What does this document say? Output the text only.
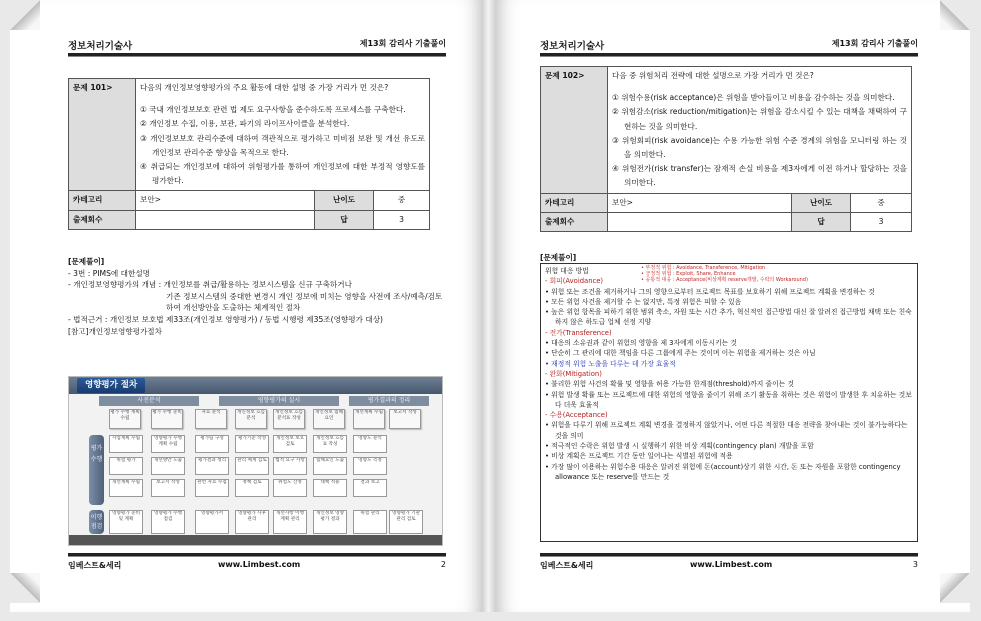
정보처리기술사	제13회 감리사 기출풀이
문제 101>	다음의 개인정보영향평가의 주요 활동에 대한 설명 중 가장 거리가 먼 것은?
① 국내 개인정보보호 관련 법 제도 요구사항을 준수하도록 프로세스를 구축한다.
② 개인정보 수집, 이용, 보관, 파기의 라이프사이클을 분석한다.
③ 개인정보보호 관리수준에 대하여 객관적으로 평가하고 미비점 보완 및 개선 유도로 개인정보 관리수준 향상을 목적으로 한다.
④ 취급되는 개인정보에 대하여 위험평가를 통하여 개인정보에 대한 부정적 영향도를 평가한다.		

카테고리	보안>	난이도	중
출제회수		답	3
[문제풀이]
- 3번 : PIMS에 대한설명
- 개인정보영향평가의 개념 : 개인정보를 취급/활용하는 정보시스템을 신규 구축하거나
기존 정보시스템의 중대한 변경시 개인 정보에 미치는 영향을 사전에 조사/예측/검토하여 개선방안을 도출하는 체계적인 절차
- 법적근거 : 개인정보 보호법 제33조(개인정보 영향평가) / 동법 시행령 제35조(영향평가 대상)
[참고]개인정보영향평가절차
영향평가 절차
사전분석	영향평가의 실시	평가결과의 정리
평가 수행
이행 점검
평가 수행 계획 수립
평가 수행 준비	자료 분석	개인정보 흐름 분석
개인정보 흐름 분석표 작성
개인정보 침해 요인
개선계획 수립	보고서 작성
사업계획 수립	영향평가 수행계획 수립
평가팀 구성	평가기준 작성	개인정보 보호 검토
개인정보 흐름 표 작성
영향도 분석
위험 평가	개선방안 도출	평가결과 정리	관리 체계 검토	법적 요구 사항	침해요인 도출	영향도 측정
개선계획 수립	보고서 작성	관련 자료 수집	정책 검토	위험도 산정	대책 적용	결과 보고
영향평가 준비 및 계획
영향평가 수행 점검
영향평가서	영향평가 사후 관리
개선사항 이행계획 관리
개인정보 영향평가 결과
위험 관리	영향평가 기관 관리 검토
임베스트&세리	www.Limbest.com	2
정보처리기술사	제13회 감리사 기출풀이
문제 102>	다음 중 위험처리 전략에 대한 설명으로 가장 거리가 먼 것은?
① 위험수용(risk acceptance)은 위험을 받아들이고 비용을 감수하는 것을 의미한다.
② 위험감소(risk reduction/mitigation)는 위험을 감소시킬 수 있는 대책을 채택하여 구현하는 것을 의미한다.
③ 위험회피(risk avoidance)는 수용 가능한 위험 수준 경계의 위험을 모니터링 하는 것을 의미한다.
④ 위험전가(risk transfer)는 잠재적 손실 비용을 제3자에게 이전 하거나 할당하는 것을 의미한다.		

카테고리	보안>	난이도	중
출제회수		답	3
[문제풀이]
• 부정적 위험 : Avoidance, Transference, Mitigation
• 긍정적 위험 : Exploit, Share, Enhance
• 공통적 대응 : Acceptance(비상계획 reserve개발, 수락의 Workaround)
위험 대응 방법
- 회피(Avoidance)
• 위험 또는 조건을 제거하거나 그의 영향으로부터 프로젝트 목표를 보호하기 위해 프로젝트 계획을 변경하는 것
• 모든 위험 사건을 제거할 수 는 없지만, 특정 위험은 피할 수 있음
• 높은 위험 항목을 피하기 위한 범위 축소, 자원 또는 시간 추가, 혁신적인 접근방법 대신 잘 알려진 접근방법 채택 또는 친숙하지 않은 하도급 업체 선정 지양
- 전가(Transference)
• 대응의 소유권과 같이 위험의 영향을 제 3자에게 이동시키는 것
• 단순히 그 관리에 대한 책임을 다른 그룹에게 주는 것이며 이는 위험을 제거하는 것은 아님
• 재정적 위험 노출을 다루는 데 가장 효율적
- 완화(Mitigation)
• 불리한 위험 사건의 확률 및 영향을 허용 가능한 한계점(threshold)까지 줄이는 것
• 위험 발생 확률 또는 프로젝트에 대한 위험의 영향을 줄이기 위해 조기 활동을 취하는 것은 위험이 발생한 후 치유하는 것보다 더욱 효율적
- 수용(Acceptance)
• 위험을 다루기 위해 프로젝트 계획 변경을 결정하지 않았거나, 어떤 다른 적절한 대응 전략을 찾아내는 것이 불가능하다는 것을 의미
• 적극적인 수락은 위험 발생 시 실행하기 위한 비상 계획(contingency plan) 개발을 포함
• 비상 계획은 프로젝트 기간 동안 일어나는 식별된 위험에 적용
• 가장 많이 이용하는 위험수용 대응은 알려진 위험에 돈(account)상기 위한 시간, 돈 또는 자원을 포함한 contingency allowance 또는 reserve를 만드는 것
임베스트&세리	www.Limbest.com	3
